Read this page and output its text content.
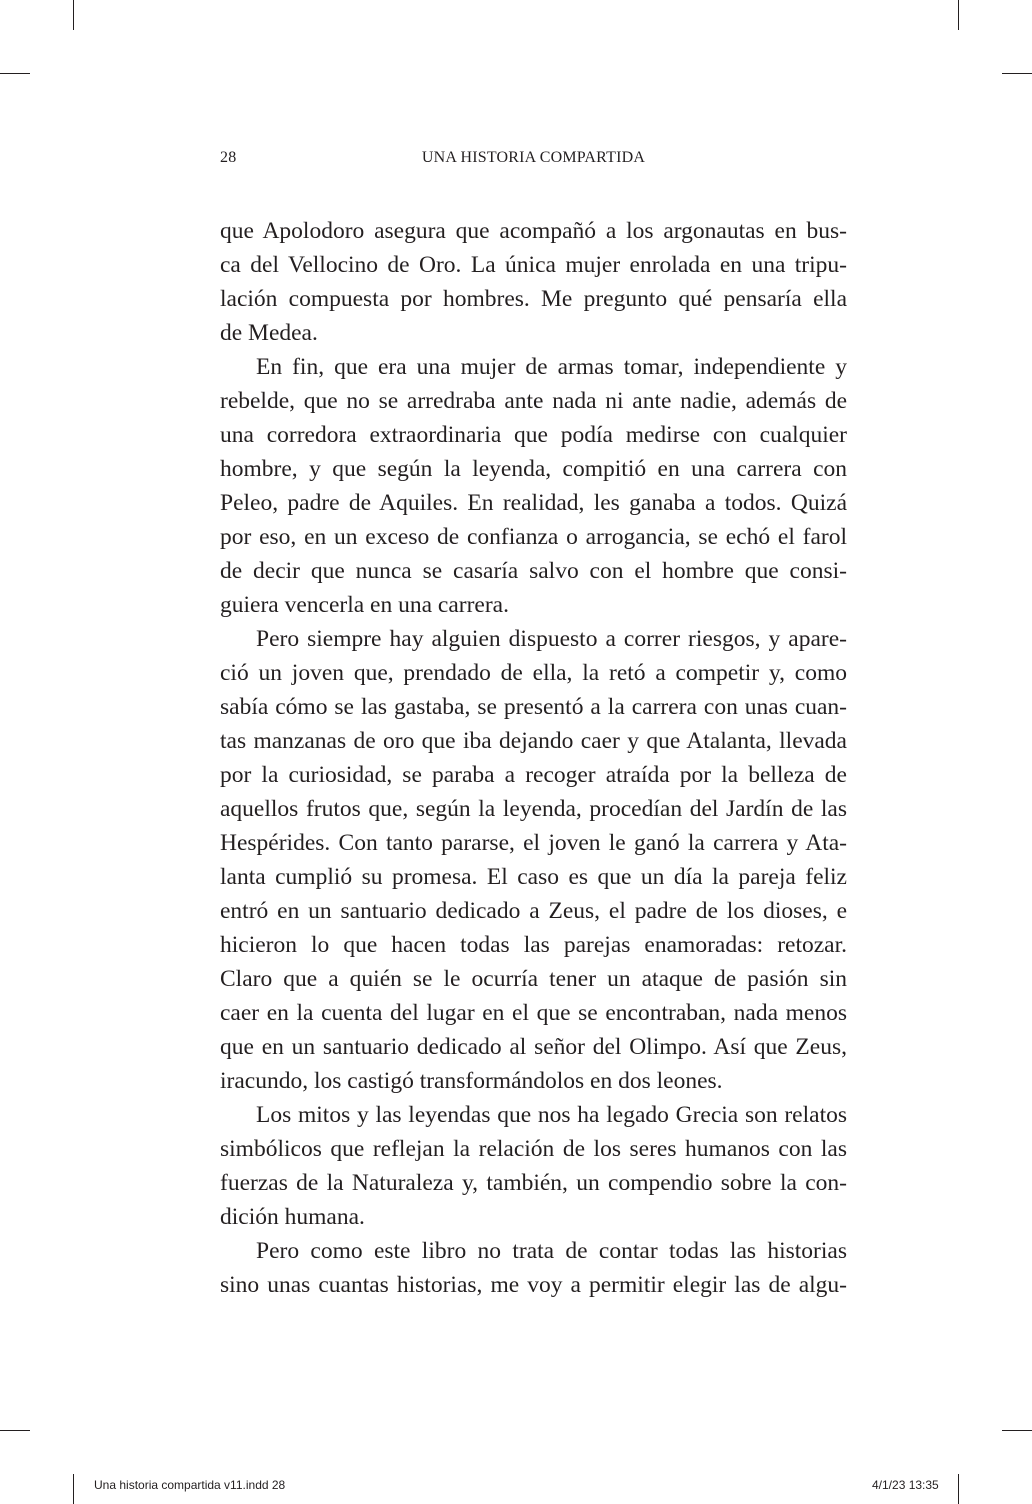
28	UNA HISTORIA COMPARTIDA
que Apolodoro asegura que acompañó a los argonautas en bus-
ca del Vellocino de Oro. La única mujer enrolada en una tripu-
lación compuesta por hombres. Me pregunto qué pensaría ella
de Medea.
En fin, que era una mujer de armas tomar, independiente y
rebelde, que no se arredraba ante nada ni ante nadie, además de
una corredora extraordinaria que podía medirse con cualquier
hombre, y que según la leyenda, compitió en una carrera con
Peleo, padre de Aquiles. En realidad, les ganaba a todos. Quizá
por eso, en un exceso de confianza o arrogancia, se echó el farol
de decir que nunca se casaría salvo con el hombre que consi-
guiera vencerla en una carrera.
Pero siempre hay alguien dispuesto a correr riesgos, y apare-
ció un joven que, prendado de ella, la retó a competir y, como
sabía cómo se las gastaba, se presentó a la carrera con unas cuan-
tas manzanas de oro que iba dejando caer y que Atalanta, llevada
por la curiosidad, se paraba a recoger atraída por la belleza de
aquellos frutos que, según la leyenda, procedían del Jardín de las
Hespérides. Con tanto pararse, el joven le ganó la carrera y Ata-
lanta cumplió su promesa. El caso es que un día la pareja feliz
entró en un santuario dedicado a Zeus, el padre de los dioses, e
hicieron lo que hacen todas las parejas enamoradas: retozar.
Claro que a quién se le ocurría tener un ataque de pasión sin
caer en la cuenta del lugar en el que se encontraban, nada menos
que en un santuario dedicado al señor del Olimpo. Así que Zeus,
iracundo, los castigó transformándolos en dos leones.
Los mitos y las leyendas que nos ha legado Grecia son relatos
simbólicos que reflejan la relación de los seres humanos con las
fuerzas de la Naturaleza y, también, un compendio sobre la con-
dición humana.
Pero como este libro no trata de contar todas las historias
sino unas cuantas historias, me voy a permitir elegir las de algu-
Una historia compartida v11.indd 28	4/1/23 13:35
